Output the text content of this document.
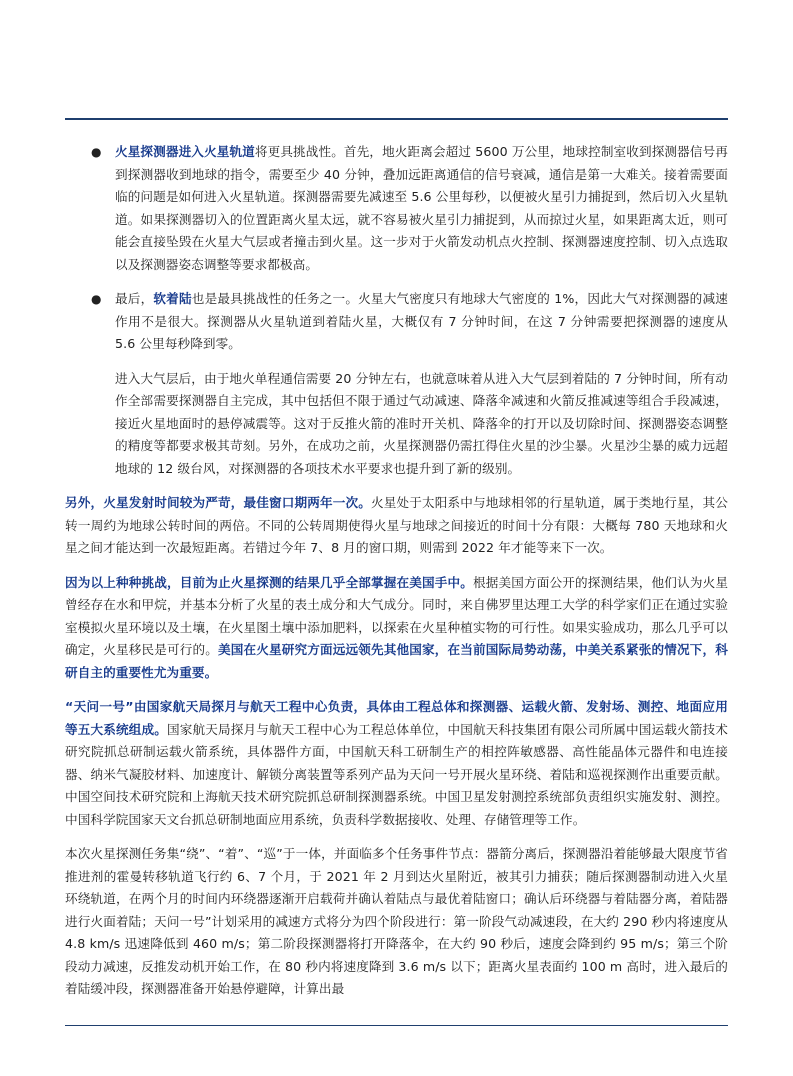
● 火星探测器进入火星轨道将更具挑战性。首先，地火距离会超过 5600 万公里，地球控制室收到探测器信号再到探测器收到地球的指令，需要至少 40 分钟，叠加远距离通信的信号衰减，通信是第一大难关。接着需要面临的问题是如何进入火星轨道。探测器需要先减速至 5.6 公里每秒，以便被火星引力捕捉到，然后切入火星轨道。如果探测器切入的位置距离火星太远，就不容易被火星引力捕捉到，从而掠过火星，如果距离太近，则可能会直接坠毁在火星大气层或者撞击到火星。这一步对于火箭发动机点火控制、探测器速度控制、切入点选取以及探测器姿态调整等要求都极高。

● 最后，软着陆也是最具挑战性的任务之一。火星大气密度只有地球大气密度的 1%，因此大气对探测器的减速作用不是很大。探测器从火星轨道到着陆火星，大概仅有 7 分钟时间，在这 7 分钟需要把探测器的速度从 5.6 公里每秒降到零。

进入大气层后，由于地火单程通信需要 20 分钟左右，也就意味着从进入大气层到着陆的 7 分钟时间，所有动作全部需要探测器自主完成，其中包括但不限于通过气动减速、降落伞减速和火箭反推减速等组合手段减速，接近火星地面时的悬停减震等。这对于反推火箭的准时开关机、降落伞的打开以及切除时间、探测器姿态调整的精度等都要求极其苛刻。另外，在成功之前，火星探测器仍需扛得住火星的沙尘暴。火星沙尘暴的威力远超地球的 12 级台风，对探测器的各项技术水平要求也提升到了新的级别。

另外，火星发射时间较为严苛，最佳窗口期两年一次。火星处于太阳系中与地球相邻的行星轨道，属于类地行星，其公转一周约为地球公转时间的两倍。不同的公转周期使得火星与地球之间接近的时间十分有限：大概每 780 天地球和火星之间才能达到一次最短距离。若错过今年 7、8 月的窗口期，则需到 2022 年才能等来下一次。

因为以上种种挑战，目前为止火星探测的结果几乎全部掌握在美国手中。根据美国方面公开的探测结果，他们认为火星曾经存在水和甲烷，并基本分析了火星的表土成分和大气成分。同时，来自佛罗里达理工大学的科学家们正在通过实验室模拟火星环境以及土壤，在火星图土壤中添加肥料，以探索在火星种植实物的可行性。如果实验成功，那么几乎可以确定，火星移民是可行的。美国在火星研究方面远远领先其他国家，在当前国际局势动荡，中美关系紧张的情况下，科研自主的重要性尤为重要。

“天问一号”由国家航天局探月与航天工程中心负责，具体由工程总体和探测器、运载火箭、发射场、测控、地面应用等五大系统组成。国家航天局探月与航天工程中心为工程总体单位，中国航天科技集团有限公司所属中国运载火箭技术研究院抓总研制运载火箭系统，具体器件方面，中国航天科工研制生产的相控阵敏感器、高性能晶体元器件和电连接器、纳米气凝胶材料、加速度计、解锁分离装置等系列产品为天问一号开展火星环绕、着陆和巡视探测作出重要贡献。中国空间技术研究院和上海航天技术研究院抓总研制探测器系统。中国卫星发射测控系统部负责组织实施发射、测控。中国科学院国家天文台抓总研制地面应用系统，负责科学数据接收、处理、存储管理等工作。

本次火星探测任务集“绕”、“着”、“巡”于一体，并面临多个任务事件节点：器箭分离后，探测器沿着能够最大限度节省推进剂的霍曼转移轨道飞行约 6、7 个月，于 2021 年 2 月到达火星附近，被其引力捕获；随后探测器制动进入火星环绕轨道，在两个月的时间内环绕器逐渐开启载荷并确认着陆点与最优着陆窗口；确认后环绕器与着陆器分离，着陆器进行火面着陆；天问一号”计划采用的减速方式将分为四个阶段进行：第一阶段气动减速段，在大约 290 秒内将速度从 4.8 km/s 迅速降低到 460 m/s；第二阶段探测器将打开降落伞，在大约 90 秒后，速度会降到约 95 m/s；第三个阶段动力减速，反推发动机开始工作，在 80 秒内将速度降到 3.6 m/s 以下；距离火星表面约 100 m 高时，进入最后的着陆缓冲段，探测器准备开始悬停避障，计算出最
